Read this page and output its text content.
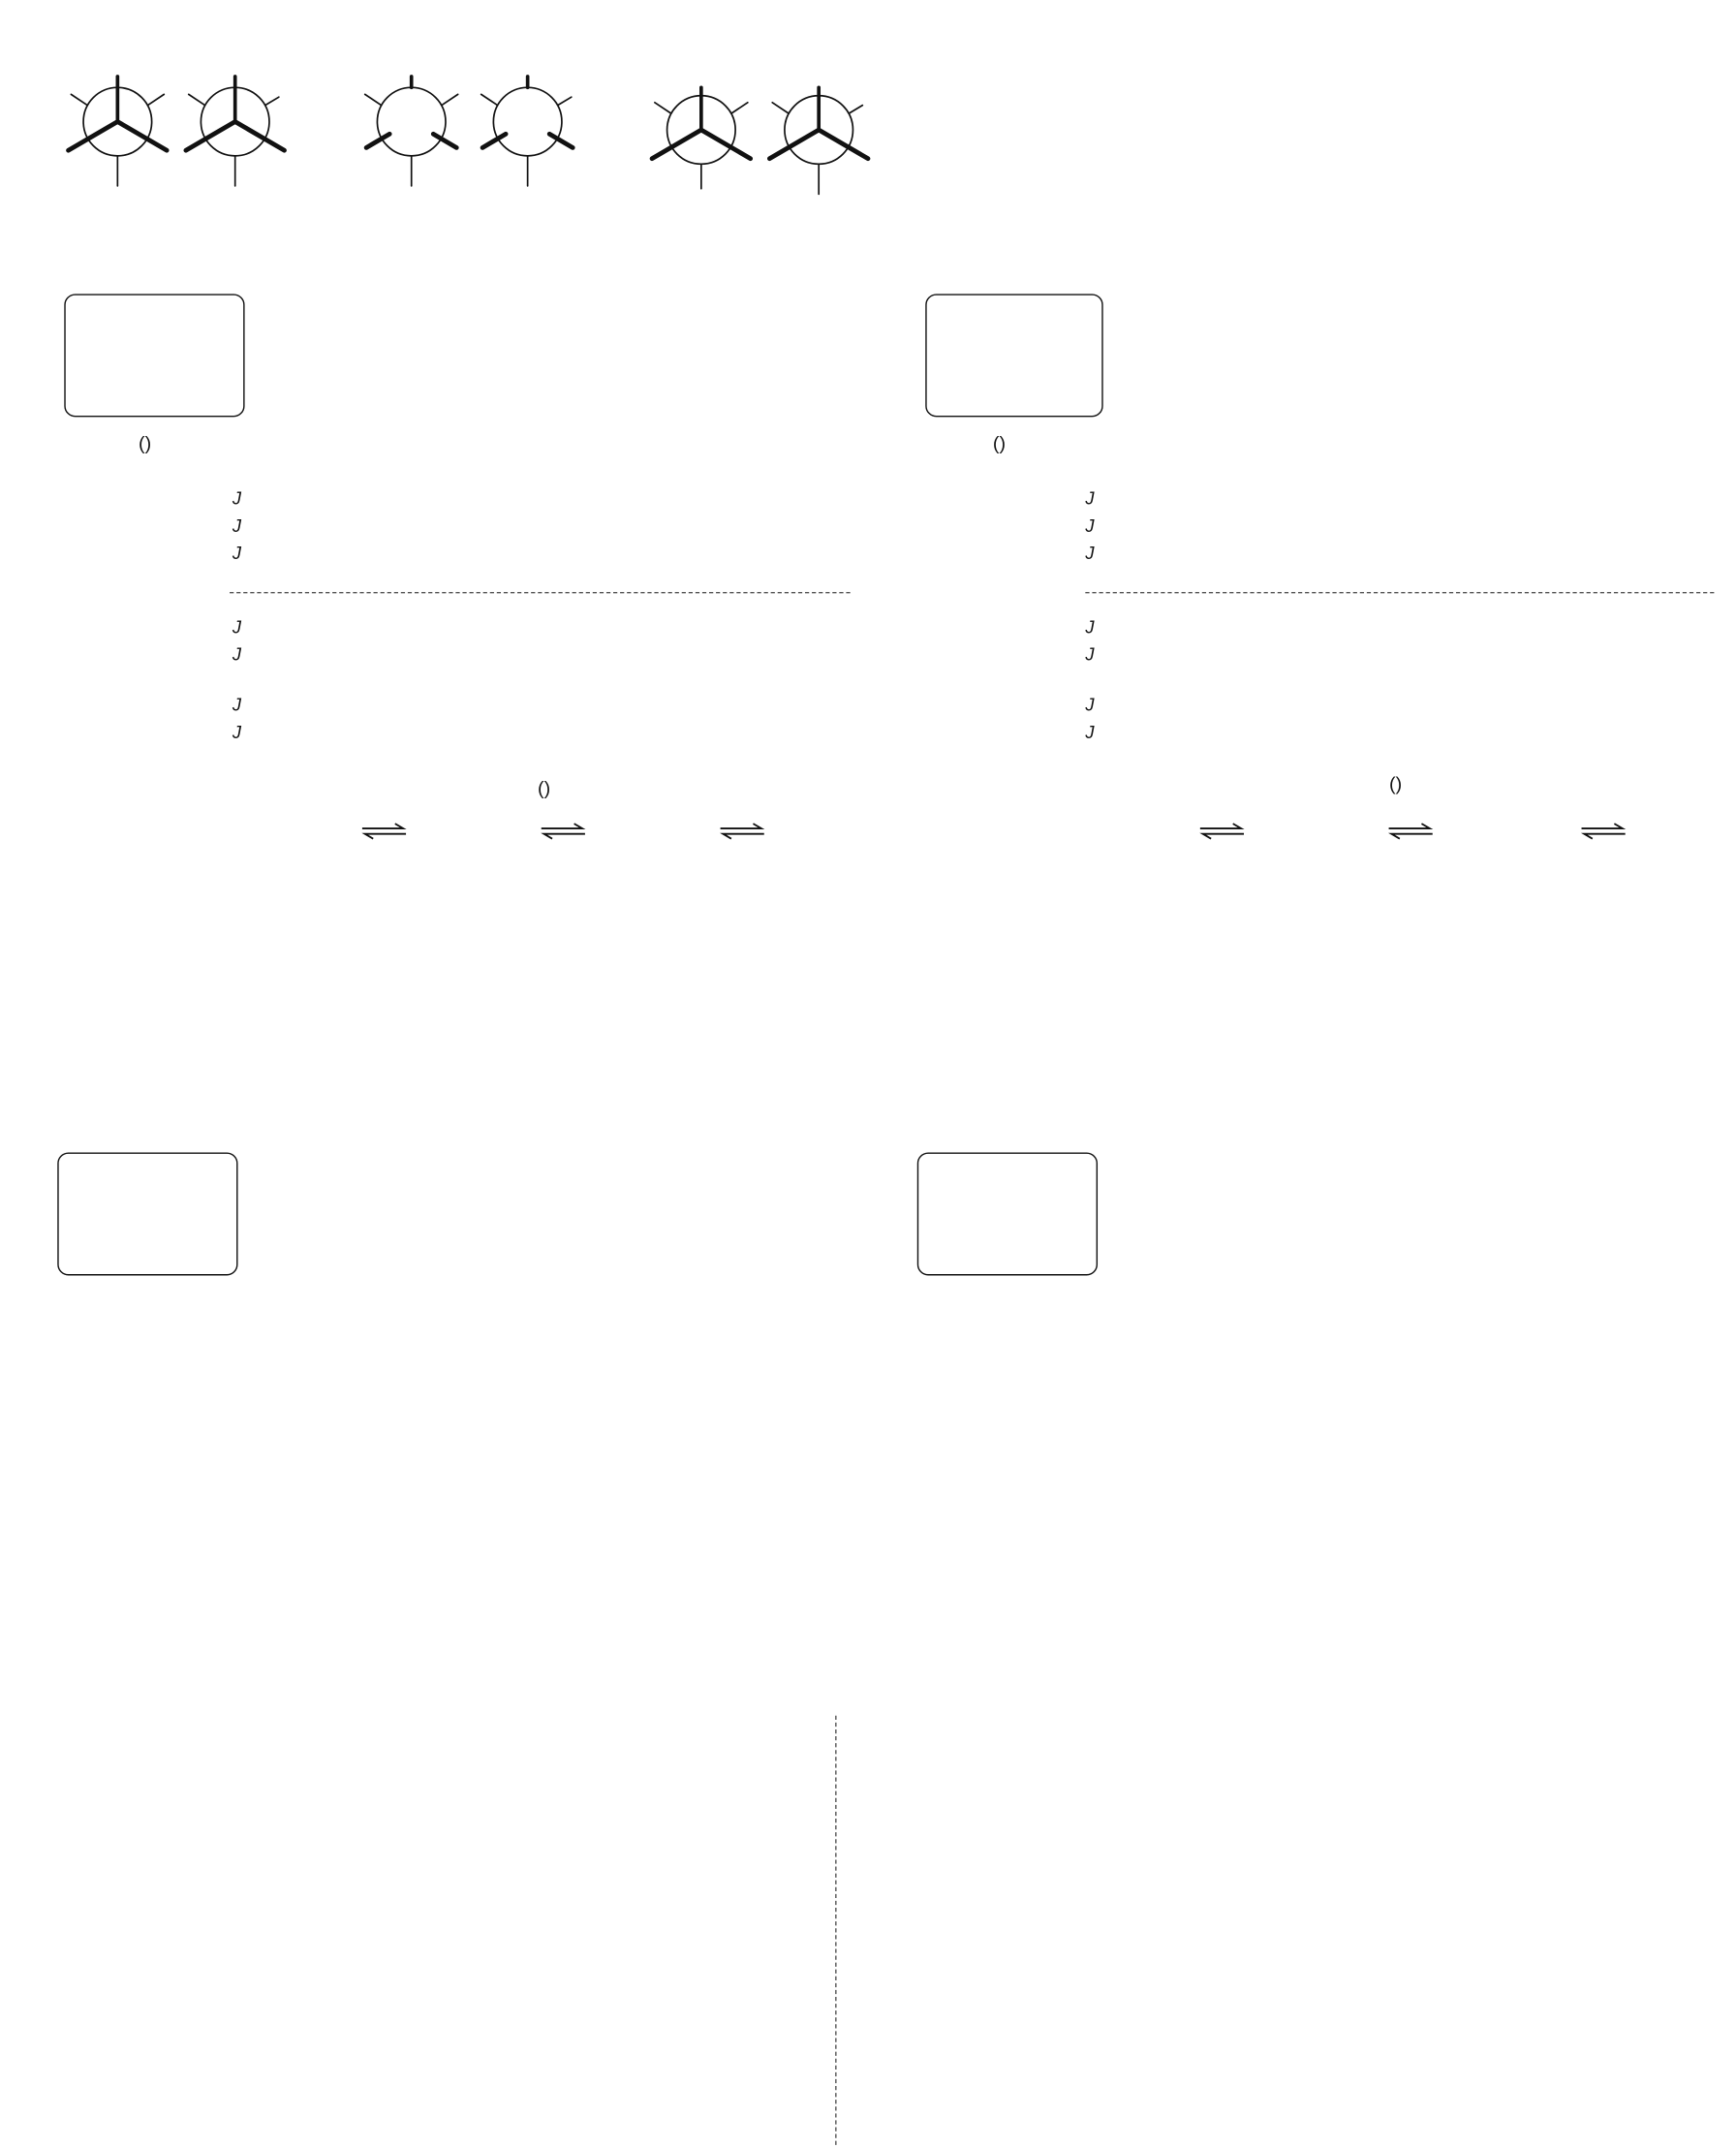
()	()
J
J
J
J
J
J
J
J
J
J
J
J
J
J
()	()
